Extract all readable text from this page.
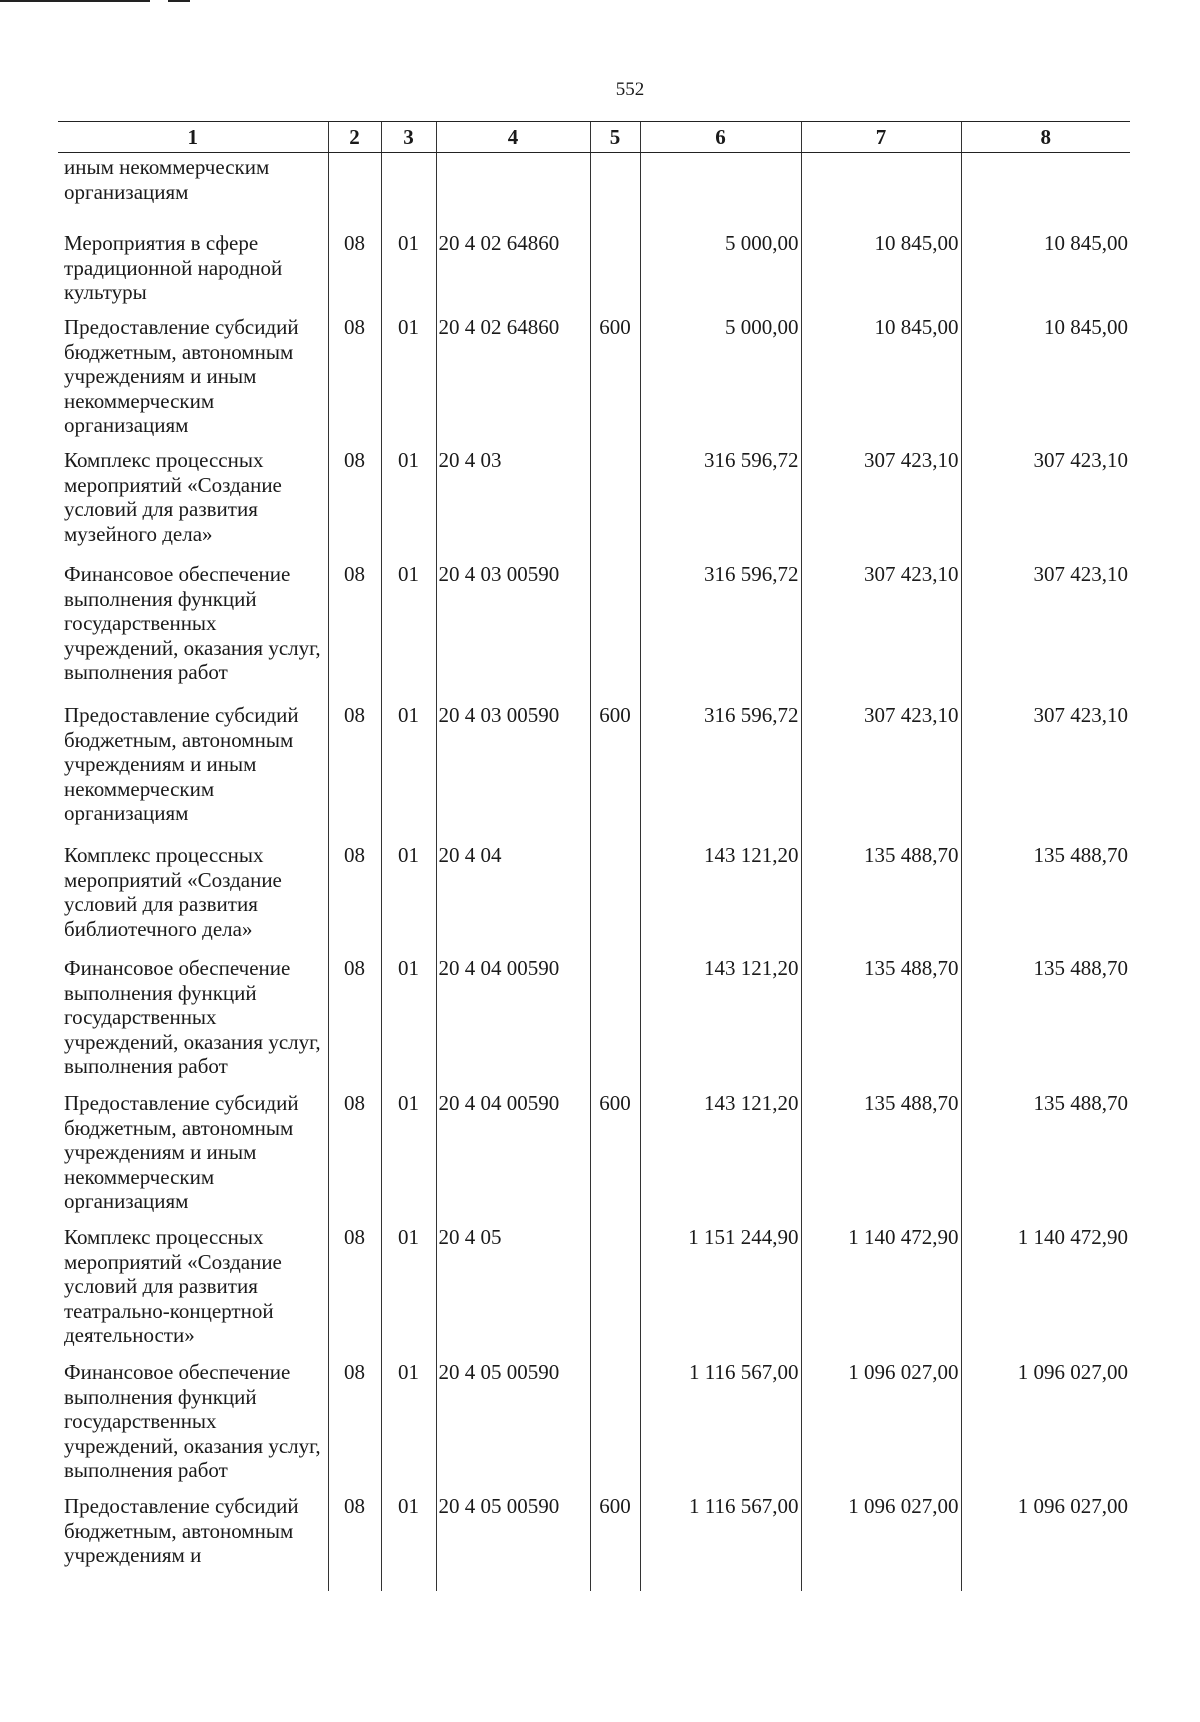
552
1	2	3	4	5	6	7	8
иным некоммерческим организациям							
Мероприятия в сфере традиционной народной культуры	08	01	20 4 02 64860		5 000,00	10 845,00	10 845,00
Предоставление субсидий бюджетным, автономным учреждениям и иным некоммерческим организациям	08	01	20 4 02 64860	600	5 000,00	10 845,00	10 845,00
Комплекс процессных мероприятий «Создание условий для развития музейного дела»	08	01	20 4 03		316 596,72	307 423,10	307 423,10
Финансовое обеспечение выполнения функций государственных учреждений, оказания услуг, выполнения работ	08	01	20 4 03 00590		316 596,72	307 423,10	307 423,10
Предоставление субсидий бюджетным, автономным учреждениям и иным некоммерческим организациям	08	01	20 4 03 00590	600	316 596,72	307 423,10	307 423,10
Комплекс процессных мероприятий «Создание условий для развития библиотечного дела»	08	01	20 4 04		143 121,20	135 488,70	135 488,70
Финансовое обеспечение выполнения функций государственных учреждений, оказания услуг, выполнения работ	08	01	20 4 04 00590		143 121,20	135 488,70	135 488,70
Предоставление субсидий бюджетным, автономным учреждениям и иным некоммерческим организациям	08	01	20 4 04 00590	600	143 121,20	135 488,70	135 488,70
Комплекс процессных мероприятий «Создание условий для развития театрально-концертной деятельности»	08	01	20 4 05		1 151 244,90	1 140 472,90	1 140 472,90
Финансовое обеспечение выполнения функций государственных учреждений, оказания услуг, выполнения работ	08	01	20 4 05 00590		1 116 567,00	1 096 027,00	1 096 027,00
Предоставление субсидий бюджетным, автономным учреждениям и	08	01	20 4 05 00590	600	1 116 567,00	1 096 027,00	1 096 027,00
